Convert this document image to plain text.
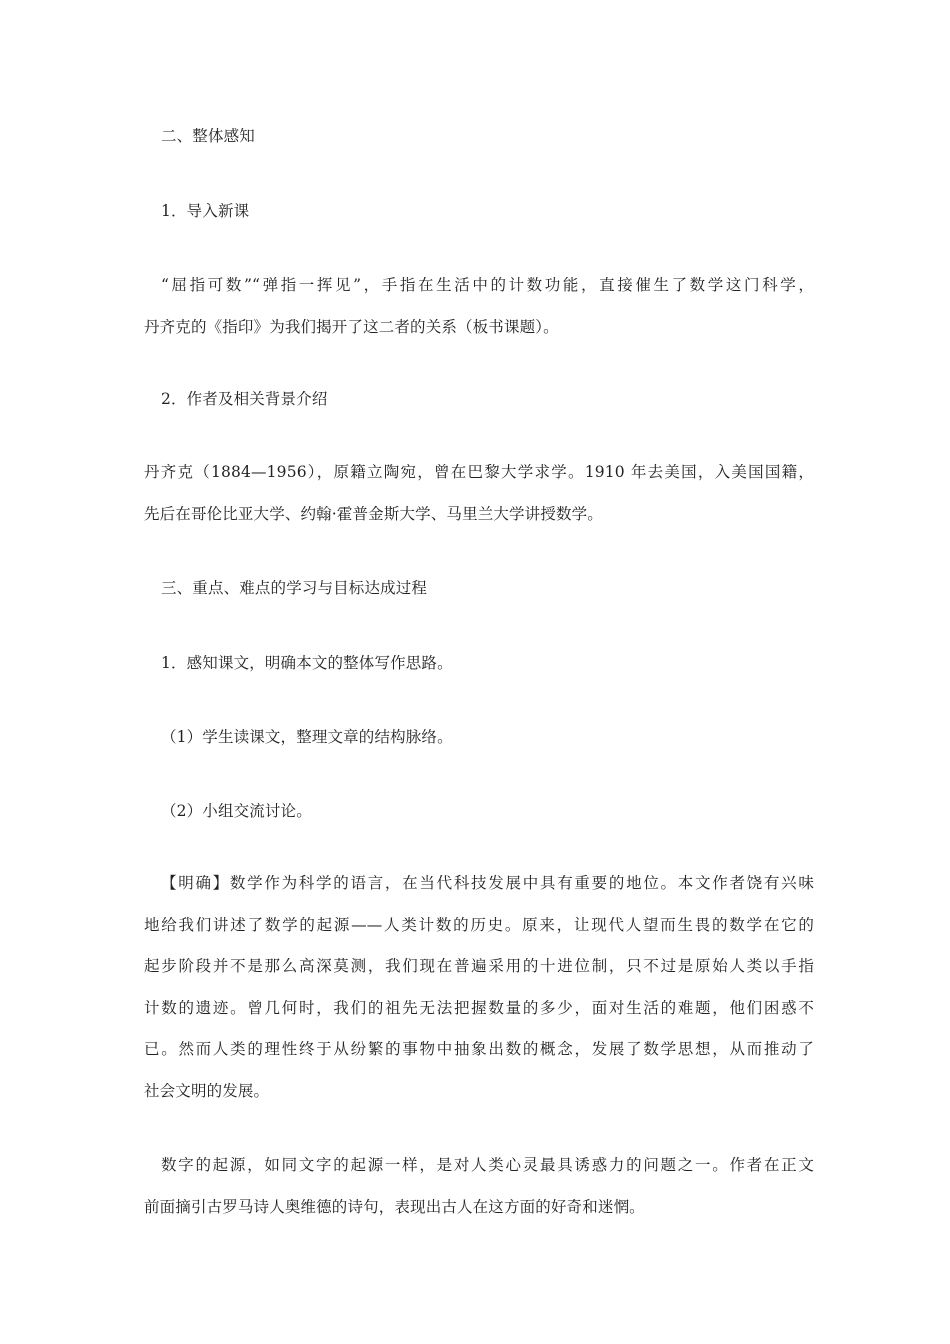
二、整体感知
1．导入新课
“屈指可数”“弹指一挥见”，手指在生活中的计数功能，直接催生了数学这门科学，
丹齐克的《指印》为我们揭开了这二者的关系（板书课题）。
2．作者及相关背景介绍
丹齐克（1884—1956），原籍立陶宛，曾在巴黎大学求学。1910 年去美国，入美国国籍，
先后在哥伦比亚大学、约翰·霍普金斯大学、马里兰大学讲授数学。
三、重点、难点的学习与目标达成过程
1．感知课文，明确本文的整体写作思路。
（1）学生读课文，整理文章的结构脉络。
（2）小组交流讨论。
【明确】数学作为科学的语言，在当代科技发展中具有重要的地位。本文作者饶有兴味
地给我们讲述了数学的起源——人类计数的历史。原来，让现代人望而生畏的数学在它的
起步阶段并不是那么高深莫测，我们现在普遍采用的十进位制，只不过是原始人类以手指
计数的遗迹。曾几何时，我们的祖先无法把握数量的多少，面对生活的难题，他们困惑不
已。然而人类的理性终于从纷繁的事物中抽象出数的概念，发展了数学思想，从而推动了
社会文明的发展。
数字的起源，如同文字的起源一样，是对人类心灵最具诱惑力的问题之一。作者在正文
前面摘引古罗马诗人奥维德的诗句，表现出古人在这方面的好奇和迷惘。
